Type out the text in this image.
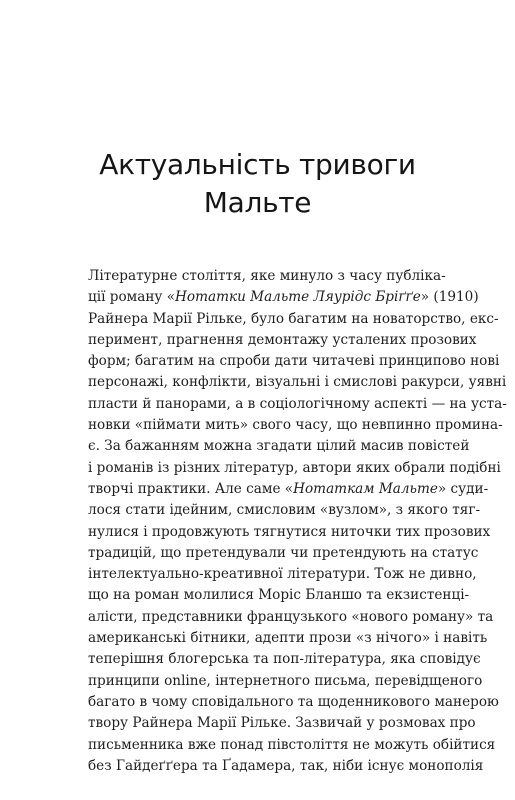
Актуальність тривоги
Мальте
Літературне століття, яке минуло з часу публіка-
ції роману «Нотатки Мальте Ляурідс Бріґґе» (1910)
Райнера Марії Рільке, було багатим на новаторство, екс-
перимент, прагнення демонтажу усталених прозових
форм; багатим на спроби дати читачеві принципово нові
персонажі, конфлікти, візуальні і смислові ракурси, уявні
пласти й панорами, а в соціологічному аспекті — на уста-
новки «піймати мить» свого часу, що невпинно промина-
є. За бажанням можна згадати цілий масив повістей
і романів із різних літератур, автори яких обрали подібні
творчі практики. Але саме «Нотаткам Мальте» суди-
лося стати ідейним, смисловим «вузлом», з якого тяг-
нулися і продовжують тягнутися ниточки тих прозових
традицій, що претендували чи претендують на статус
інтелектуально-креативної літератури. Тож не дивно,
що на роман молилися Моріс Бланшо та екзистенці-
алісти, представники французького «нового роману» та
американські бітники, адепти прози «з нічого» і навіть
теперішня блогерська та поп-література, яка сповідує
принципи online, інтернетного письма, перевідщеного
багато в чому сповідального та щоденникового манерою
твору Райнера Марії Рільке. Зазвичай у розмовах про
письменника вже понад півстоліття не можуть обійтися
без Гайдеґґера та Ґадамера, так, ніби існує монополія
